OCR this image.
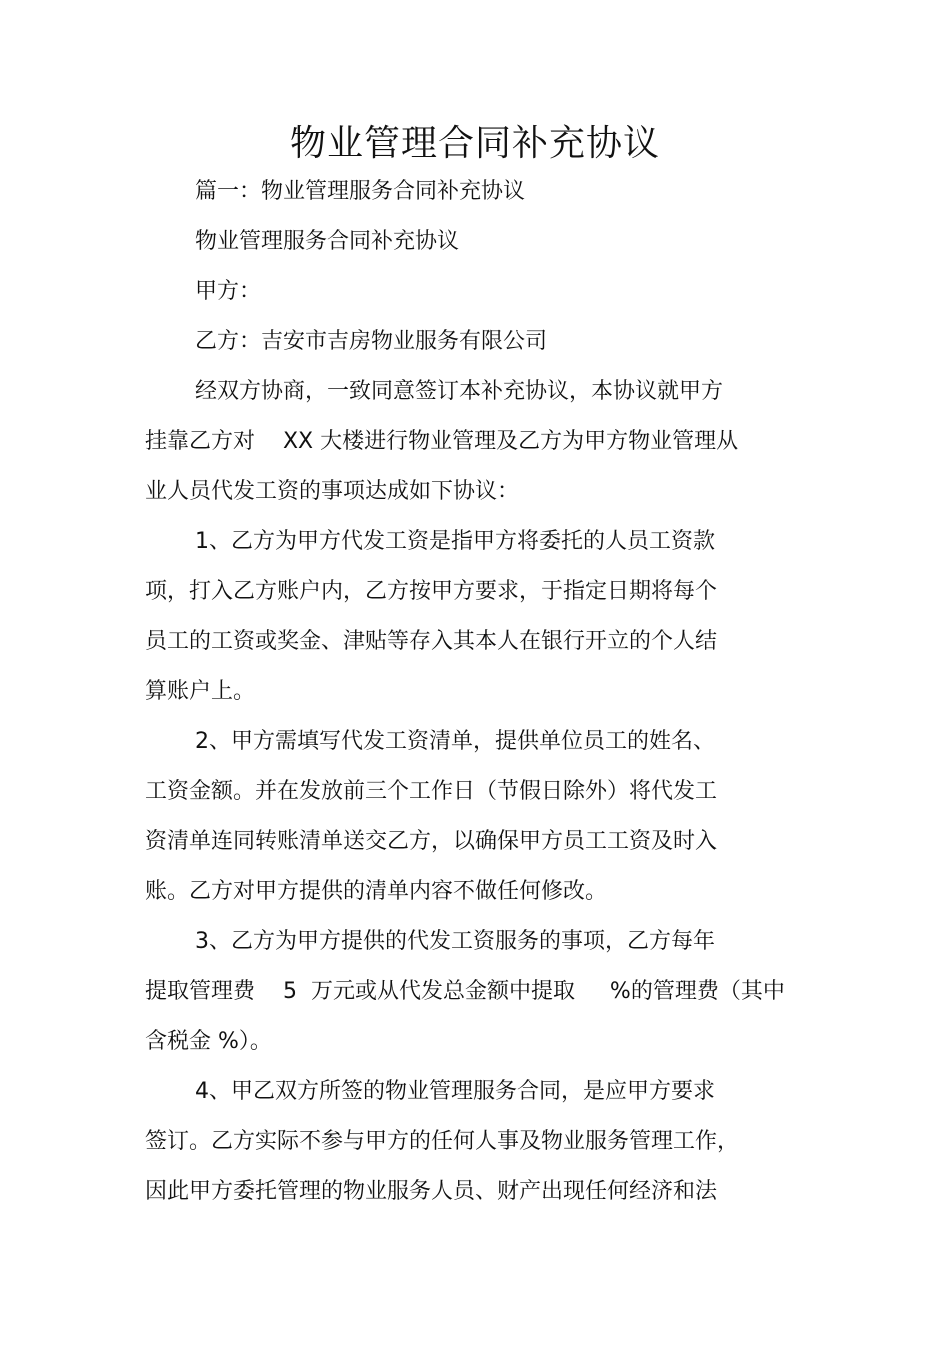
物业管理合同补充协议
篇一：物业管理服务合同补充协议
物业管理服务合同补充协议
甲方：
乙方：吉安市吉房物业服务有限公司
经双方协商，一致同意签订本补充协议，本协议就甲方
挂靠乙方对    XX 大楼进行物业管理及乙方为甲方物业管理从
业人员代发工资的事项达成如下协议：
1、乙方为甲方代发工资是指甲方将委托的人员工资款
项，打入乙方账户内，乙方按甲方要求，于指定日期将每个
员工的工资或奖金、津贴等存入其本人在银行开立的个人结
算账户上。
2、甲方需填写代发工资清单，提供单位员工的姓名、
工资金额。并在发放前三个工作日（节假日除外）将代发工
资清单连同转账清单送交乙方，以确保甲方员工工资及时入
账。乙方对甲方提供的清单内容不做任何修改。
3、乙方为甲方提供的代发工资服务的事项，乙方每年
提取管理费    5  万元或从代发总金额中提取     %的管理费（其中
含税金 %）。
4、甲乙双方所签的物业管理服务合同，是应甲方要求
签订。乙方实际不参与甲方的任何人事及物业服务管理工作，
因此甲方委托管理的物业服务人员、财产出现任何经济和法
